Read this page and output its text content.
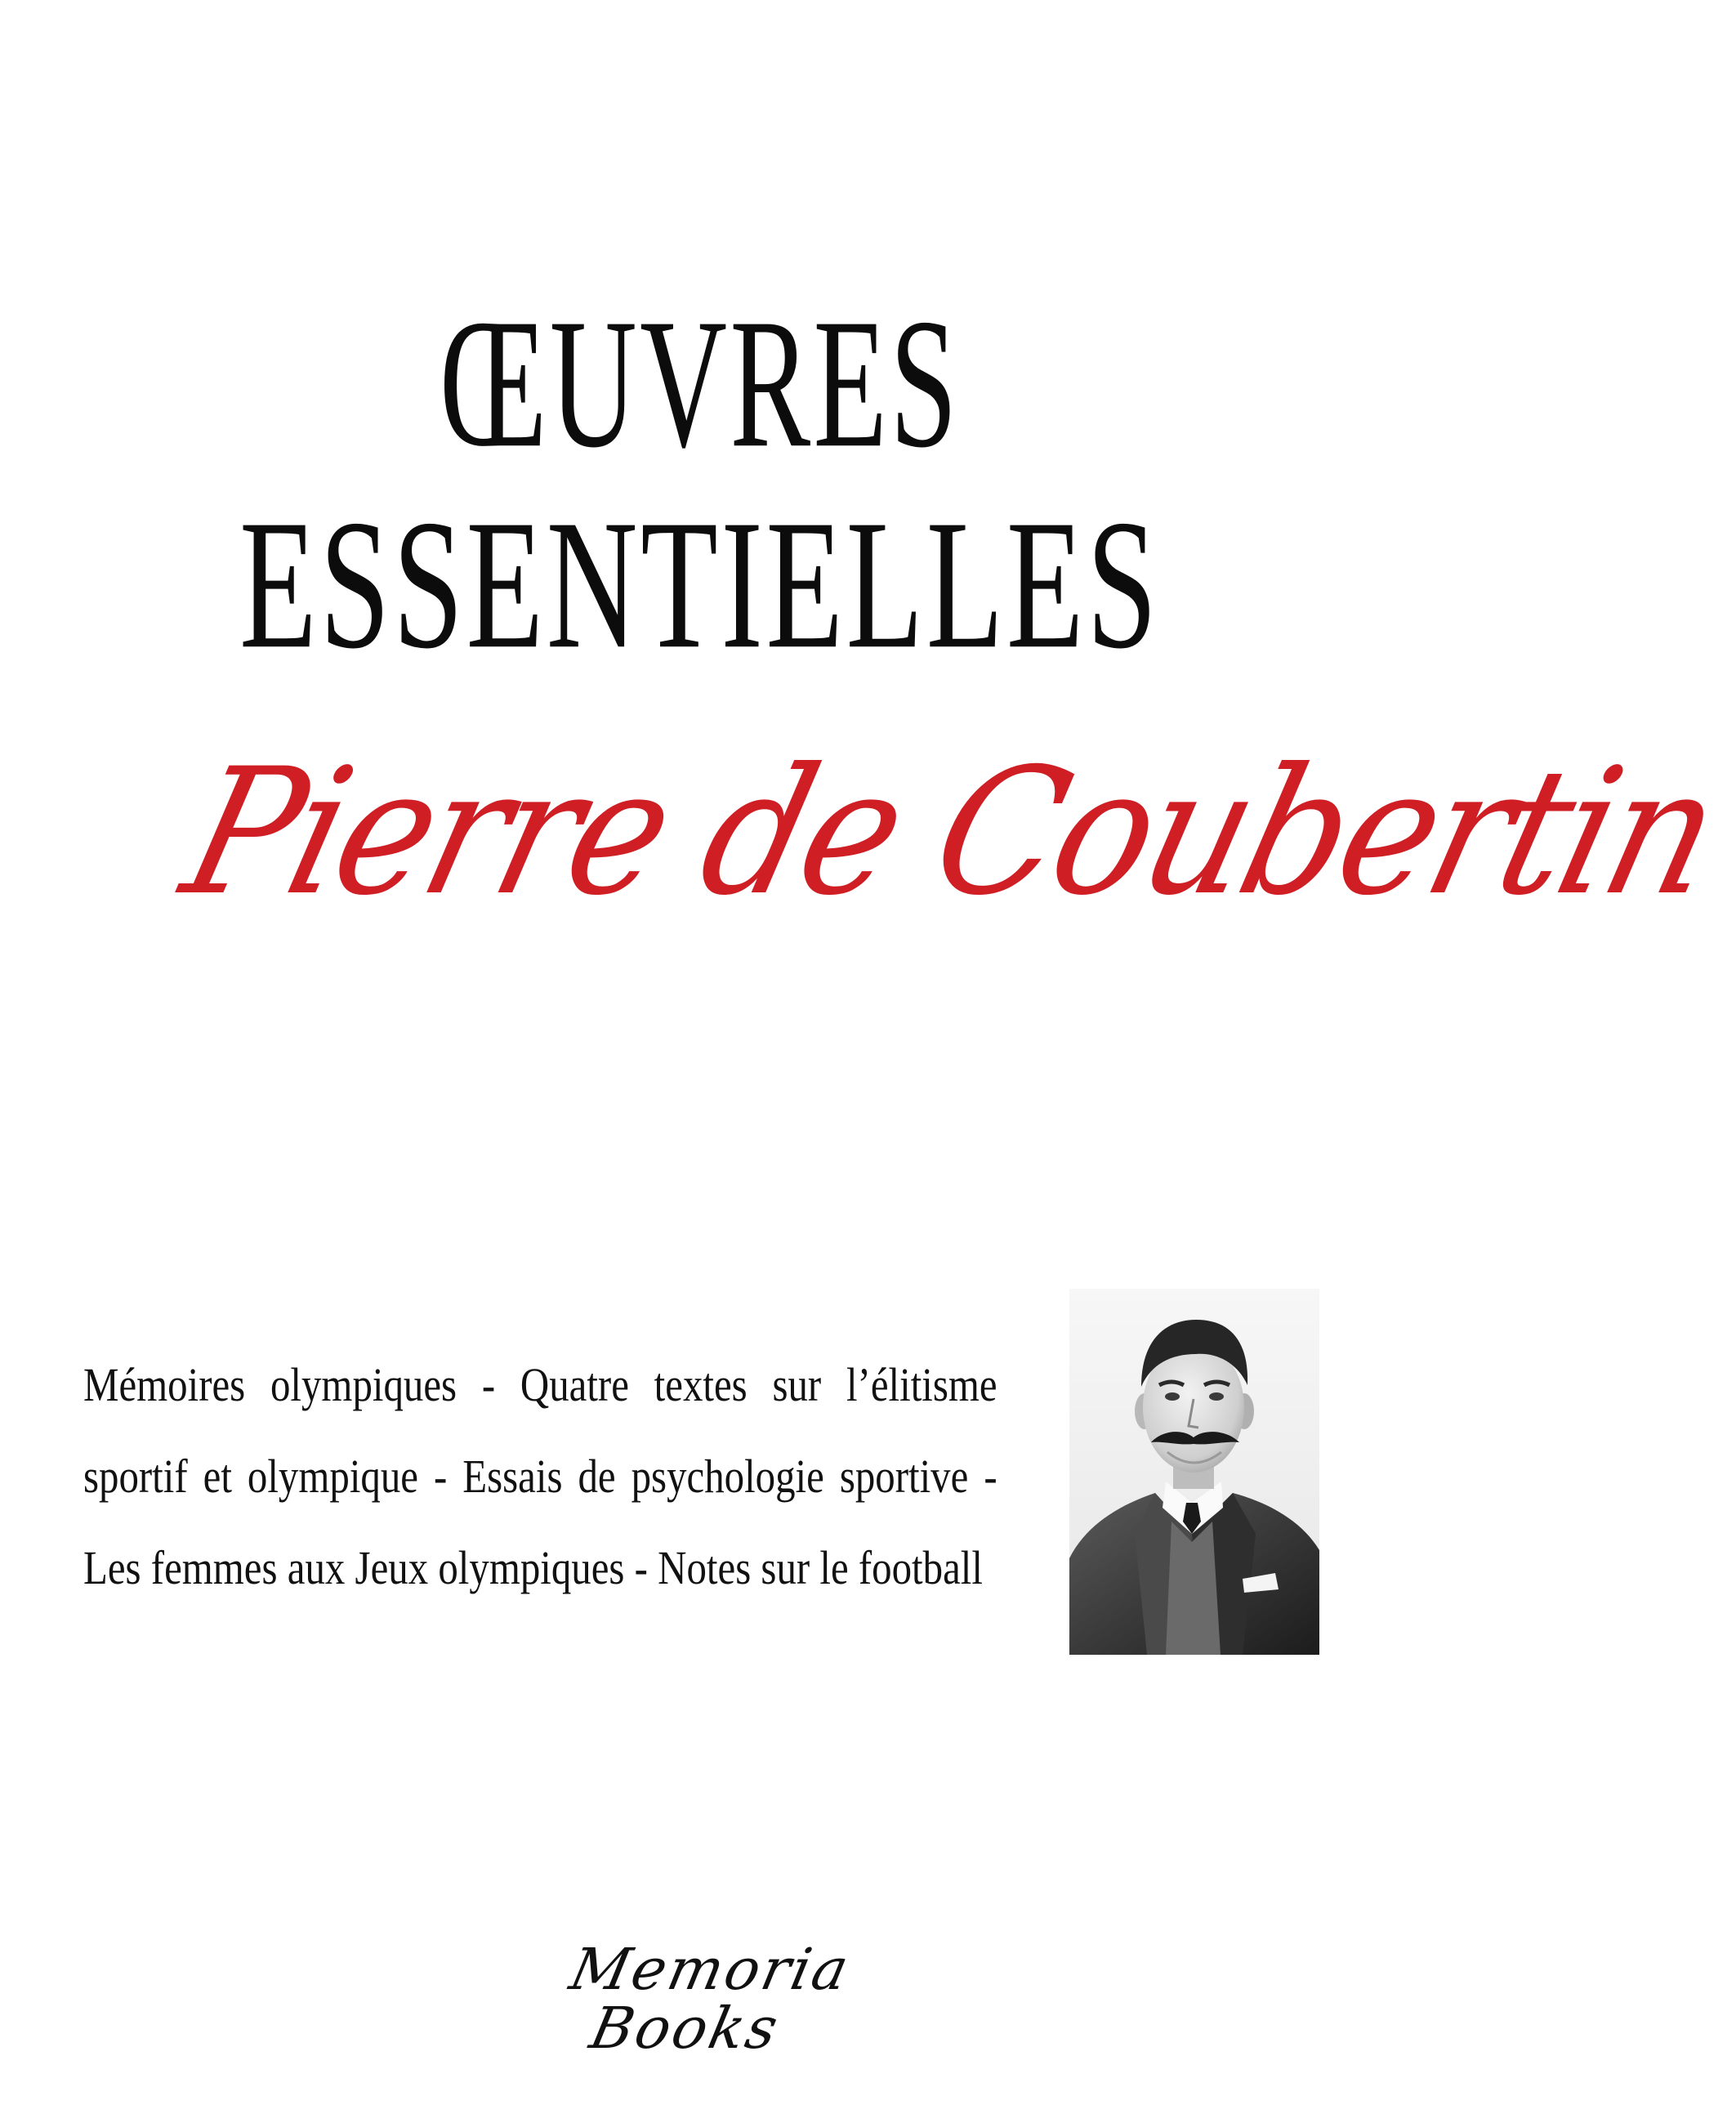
ŒUVRES
ESSENTIELLES
Pierre de Coubertin
Mémoires olympiques - Quatre textes sur l’élitisme sportif et olympique - Essais de psychologie sportive - Les femmes aux Jeux olympiques - Notes sur le football
Memoria
Books
